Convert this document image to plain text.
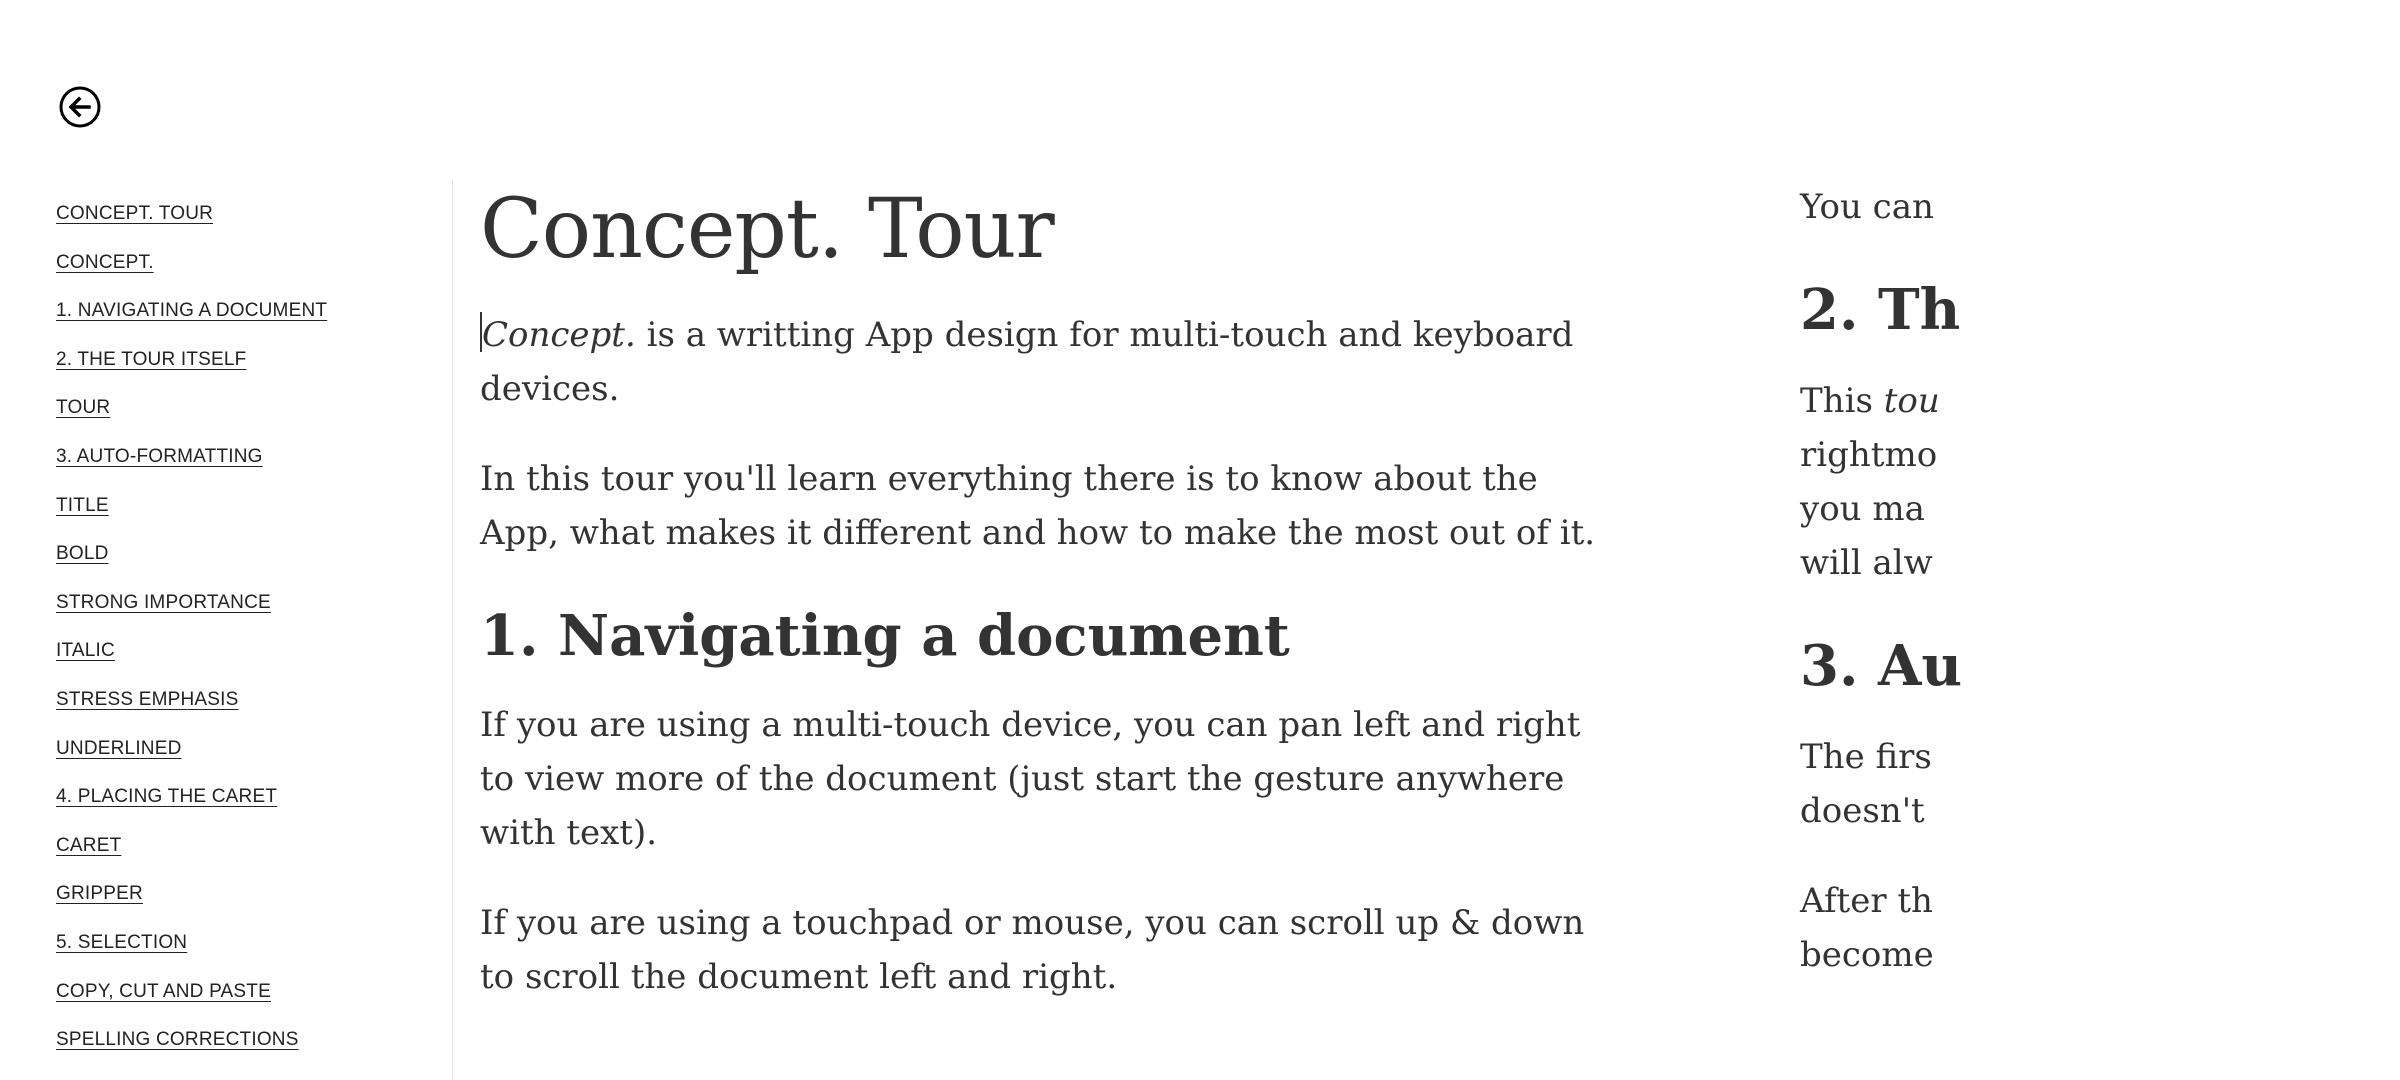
CONCEPT. TOUR
CONCEPT.
1. NAVIGATING A DOCUMENT
2. THE TOUR ITSELF
TOUR
3. AUTO-FORMATTING
TITLE
BOLD
STRONG IMPORTANCE
ITALIC
STRESS EMPHASIS
UNDERLINED
4. PLACING THE CARET
CARET
GRIPPER
5. SELECTION
COPY, CUT AND PASTE
SPELLING CORRECTIONS
Concept. Tour

Concept. is a writting App design for multi-touch and keyboard devices.

In this tour you'll learn everything there is to know about the App, what makes it different and how to make the most out of it.

1. Navigating a document

If you are using a multi-touch device, you can pan left and right to view more of the document (just start the gesture anywhere with text).

If you are using a touchpad or mouse, you can scroll up & down to scroll the document left and right.

You can

2. Th

This tou
rightmo
you ma
will alw

3. Au

The firs
doesn't

After th
become
